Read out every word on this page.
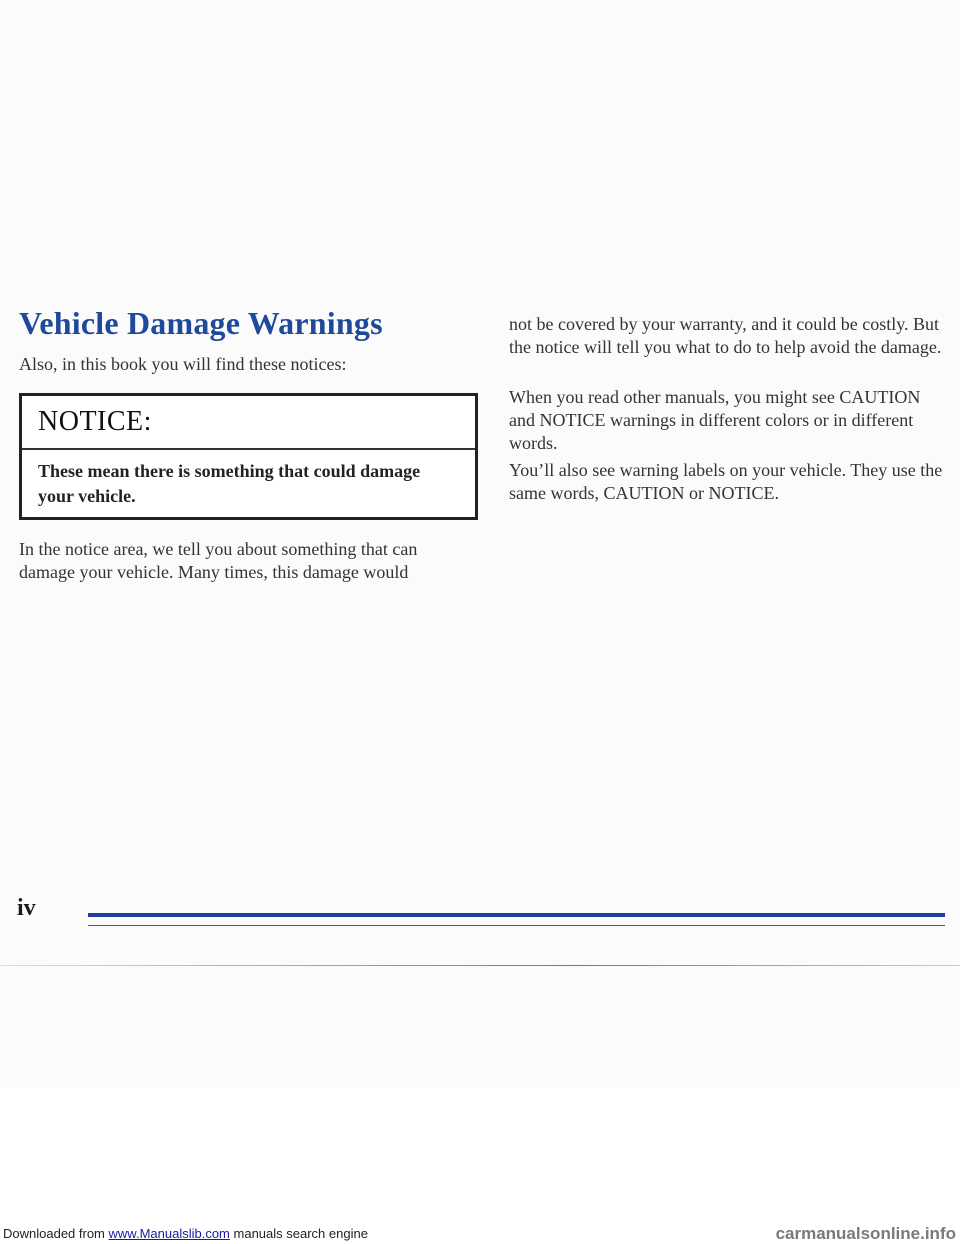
Vehicle Damage Warnings

Also, in this book you will find these notices:

NOTICE:
These mean there is something that could damage your vehicle.

In the notice area, we tell you about something that can damage your vehicle. Many times, this damage would

not be covered by your warranty, and it could be costly. But the notice will tell you what to do to help avoid the damage.

When you read other manuals, you might see CAUTION and NOTICE warnings in different colors or in different words.

You’ll also see warning labels on your vehicle. They use the same words, CAUTION or NOTICE.

iv
Downloaded from www.Manualslib.com manuals search engine	carmanualsonline.info
